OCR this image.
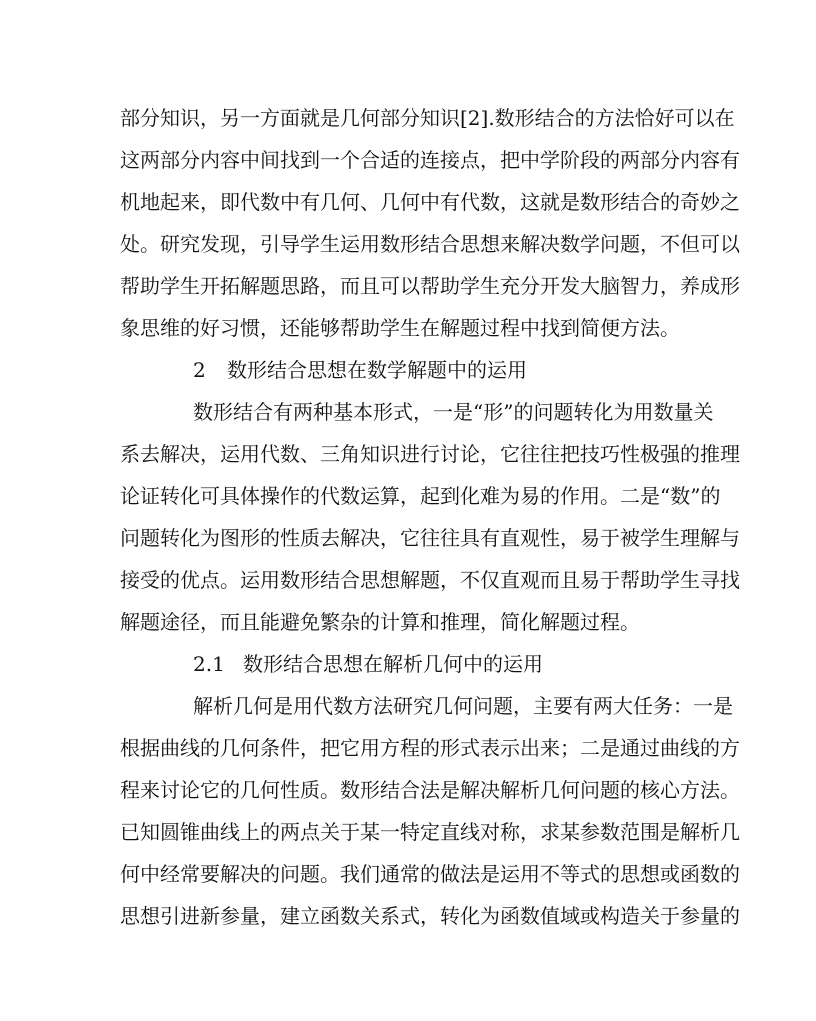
部分知识，另一方面就是几何部分知识[2].数形结合的方法恰好可以在
这两部分内容中间找到一个合适的连接点，把中学阶段的两部分内容有
机地起来，即代数中有几何、几何中有代数，这就是数形结合的奇妙之
处。研究发现，引导学生运用数形结合思想来解决数学问题，不但可以
帮助学生开拓解题思路，而且可以帮助学生充分开发大脑智力，养成形
象思维的好习惯，还能够帮助学生在解题过程中找到简便方法。
2 数形结合思想在数学解题中的运用
数形结合有两种基本形式，一是“形”的问题转化为用数量关
系去解决，运用代数、三角知识进行讨论，它往往把技巧性极强的推理
论证转化可具体操作的代数运算，起到化难为易的作用。二是“数”的
问题转化为图形的性质去解决，它往往具有直观性，易于被学生理解与
接受的优点。运用数形结合思想解题，不仅直观而且易于帮助学生寻找
解题途径，而且能避免繁杂的计算和推理，简化解题过程。
2.1 数形结合思想在解析几何中的运用
解析几何是用代数方法研究几何问题，主要有两大任务：一是
根据曲线的几何条件，把它用方程的形式表示出来；二是通过曲线的方
程来讨论它的几何性质。数形结合法是解决解析几何问题的核心方法。
已知圆锥曲线上的两点关于某一特定直线对称，求某参数范围是解析几
何中经常要解决的问题。我们通常的做法是运用不等式的思想或函数的
思想引进新参量，建立函数关系式，转化为函数值域或构造关于参量的
